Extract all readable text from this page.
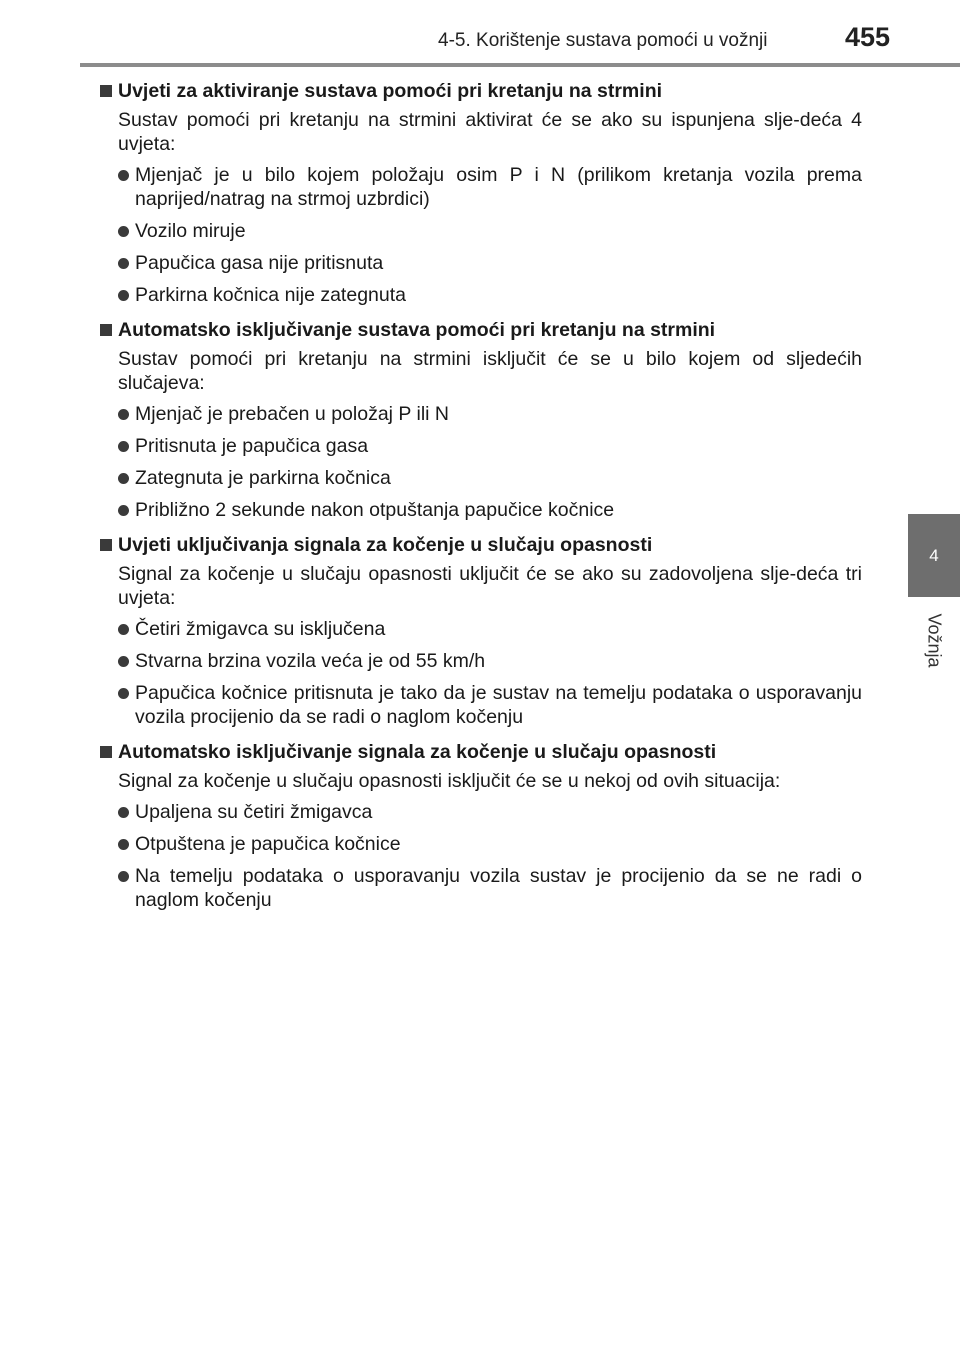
4-5. Korištenje sustava pomoći u vožnji	455
4
Vožnja
Uvjeti za aktiviranje sustava pomoći pri kretanju na strmini
Sustav pomoći pri kretanju na strmini aktivirat će se ako su ispunjena slje-deća 4 uvjeta:
Mjenjač je u bilo kojem položaju osim P i N (prilikom kretanja vozila prema naprijed/natrag na strmoj uzbrdici)
Vozilo miruje
Papučica gasa nije pritisnuta
Parkirna kočnica nije zategnuta
Automatsko isključivanje sustava pomoći pri kretanju na strmini
Sustav pomoći pri kretanju na strmini isključit će se u bilo kojem od sljedećih slučajeva:
Mjenjač je prebačen u položaj P ili N
Pritisnuta je papučica gasa
Zategnuta je parkirna kočnica
Približno 2 sekunde nakon otpuštanja papučice kočnice
Uvjeti uključivanja signala za kočenje u slučaju opasnosti
Signal za kočenje u slučaju opasnosti uključit će se ako su zadovoljena slje-deća tri uvjeta:
Četiri žmigavca su isključena
Stvarna brzina vozila veća je od 55 km/h
Papučica kočnice pritisnuta je tako da je sustav na temelju podataka o usporavanju vozila procijenio da se radi o naglom kočenju
Automatsko isključivanje signala za kočenje u slučaju opasnosti
Signal za kočenje u slučaju opasnosti isključit će se u nekoj od ovih situacija:
Upaljena su četiri žmigavca
Otpuštena je papučica kočnice
Na temelju podataka o usporavanju vozila sustav je procijenio da se ne radi o naglom kočenju
